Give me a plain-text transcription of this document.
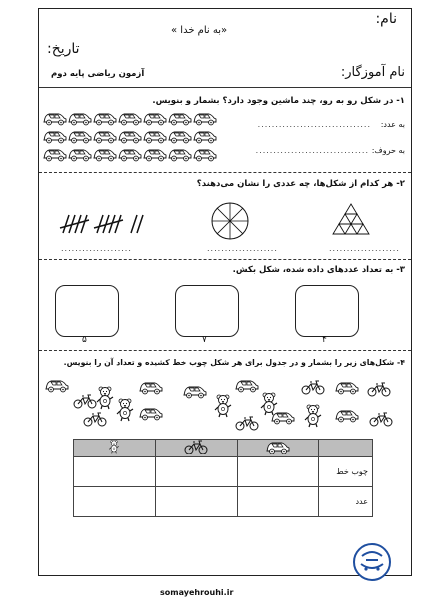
نام:
«به نام خدا »
تاریخ:
نام آموزگار:
آزمون ریاضی پایه دوم
۱- در شکل رو به رو، چند ماشین وجود دارد؟ بشمار و بنویس.
به عدد:
................................
به حروف:
................................
۲- هر کدام از شکل‌ها، چه عددی را نشان می‌دهند؟
....................	....................	....................
۳- به تعداد عددهای داده شده، شکل بکش.
۴
۷
۵
۴- شکل‌های زیر را بشمار و در جدول برای هر شکل چوب خط کشیده و تعداد آن را بنویس.

چوب خط			
عدد			
somayehrouhi.ir
